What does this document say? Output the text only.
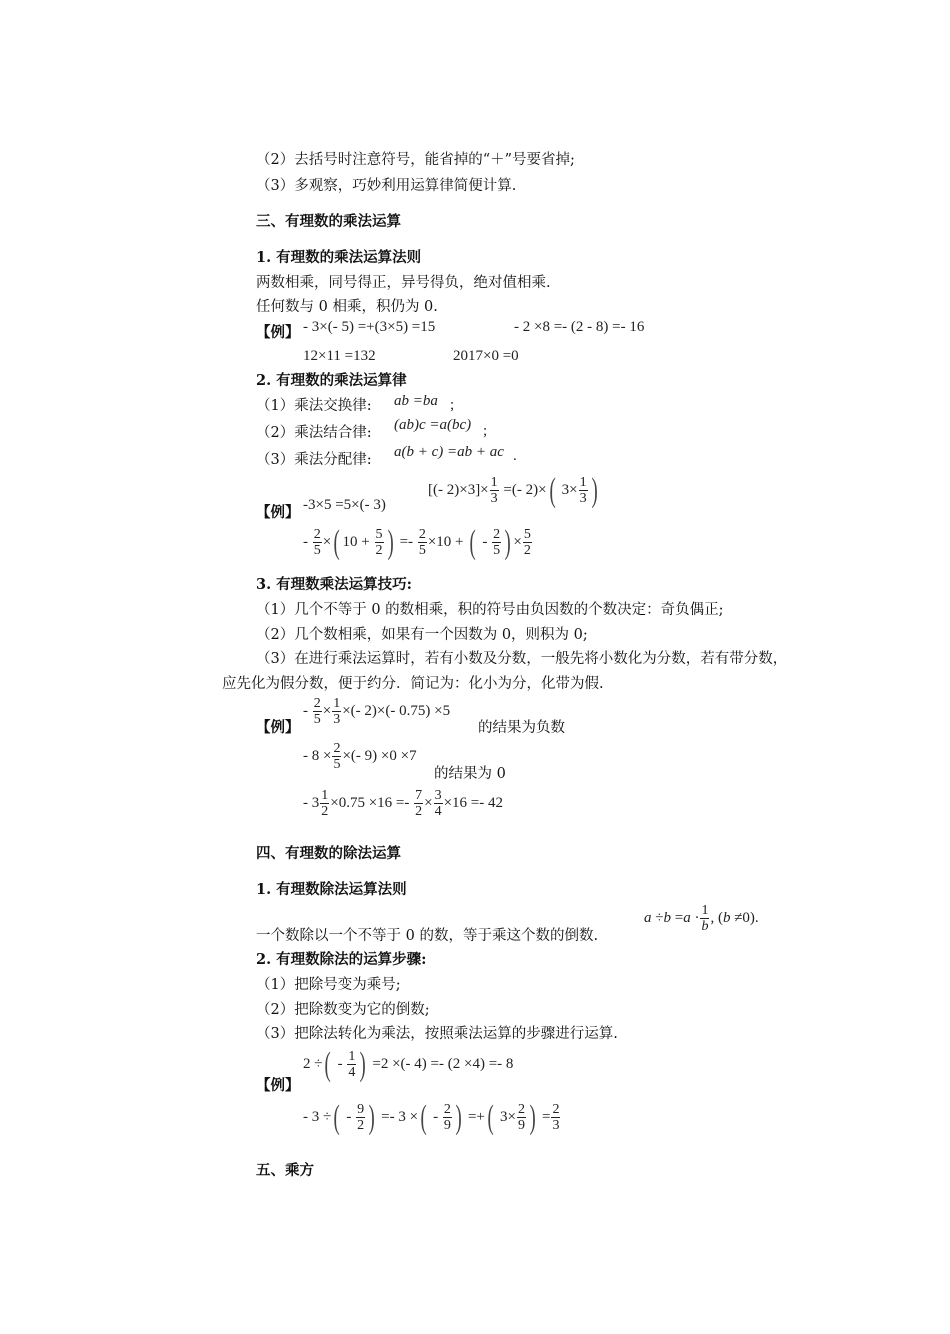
（2）去括号时注意符号，能省掉的“＋”号要省掉;
（3）多观察，巧妙利用运算律简便计算.
三、有理数的乘法运算
1. 有理数的乘法运算法则
两数相乘，同号得正，异号得负，绝对值相乘.
任何数与 0 相乘，积仍为 0.
【例】 - 3×(- 5) =+(3×5) =15	- 2 ×8 =- (2 - 8) =- 16
12×11 =132	2017×0 =0
2. 有理数的乘法运算律
（1）乘法交换律: ab =ba ;
（2）乘法结合律: (ab)c =a(bc) ;
（3）乘法分配律: a(b + c) =ab + ac .
【例】 -3×5 =5×(- 3)
[(- $2)\times 3]\times \frac{1}{3}$ =(- 2)×( $3\times \frac{1}{3}$ )
- $\frac{2}{5}$ ×( $10 + \frac{5}{2}$ ) =- $\frac{2}{5} \times 10$ + ( - $\frac{2}{5}$ ) × $\frac{5}{2}$
3. 有理数乘法运算技巧:
（1）几个不等于 0 的数相乘，积的符号由负因数的个数决定：奇负偶正;
（2）几个数相乘，如果有一个因数为 0，则积为 0;
（3）在进行乘法运算时，若有小数及分数，一般先将小数化为分数，若有带分数，
应先化为假分数，便于约分．简记为：化小为分，化带为假.
- $\frac{2}{5} \times \frac{1}{3}$ ×(- 2)×(- 0.75) ×5
【例】	的结果为负数
- $8 \times \frac{2}{5}$ ×(- 9) ×0 ×7
的结果为 0
- $3 \frac{1}{2} \times 0.75 \times 16 =- \frac{7}{2} \times \frac{3}{4} \times 16 =- 42$
四、有理数的除法运算
1. 有理数除法运算法则
一个数除以一个不等于 0 的数，等于乘这个数的倒数.
$a \div b =a \cdot \frac{1}{b}$ , (b ≠0).
2. 有理数除法的运算步骤:
（1）把除号变为乘号;
（2）把除数变为它的倒数;
（3）把除法转化为乘法，按照乘法运算的步骤进行运算.
2 ÷( - $\frac{1}{4}$ ) =2 ×(- 4) =- (2 ×4) =- 8
【例】
- 3 ÷( - $\frac{9}{2}$ ) =- 3 ×( - $\frac{2}{9}$ ) =+( $3\times \frac{2}{9}$ ) = $\frac{2}{3}$
五、乘方
